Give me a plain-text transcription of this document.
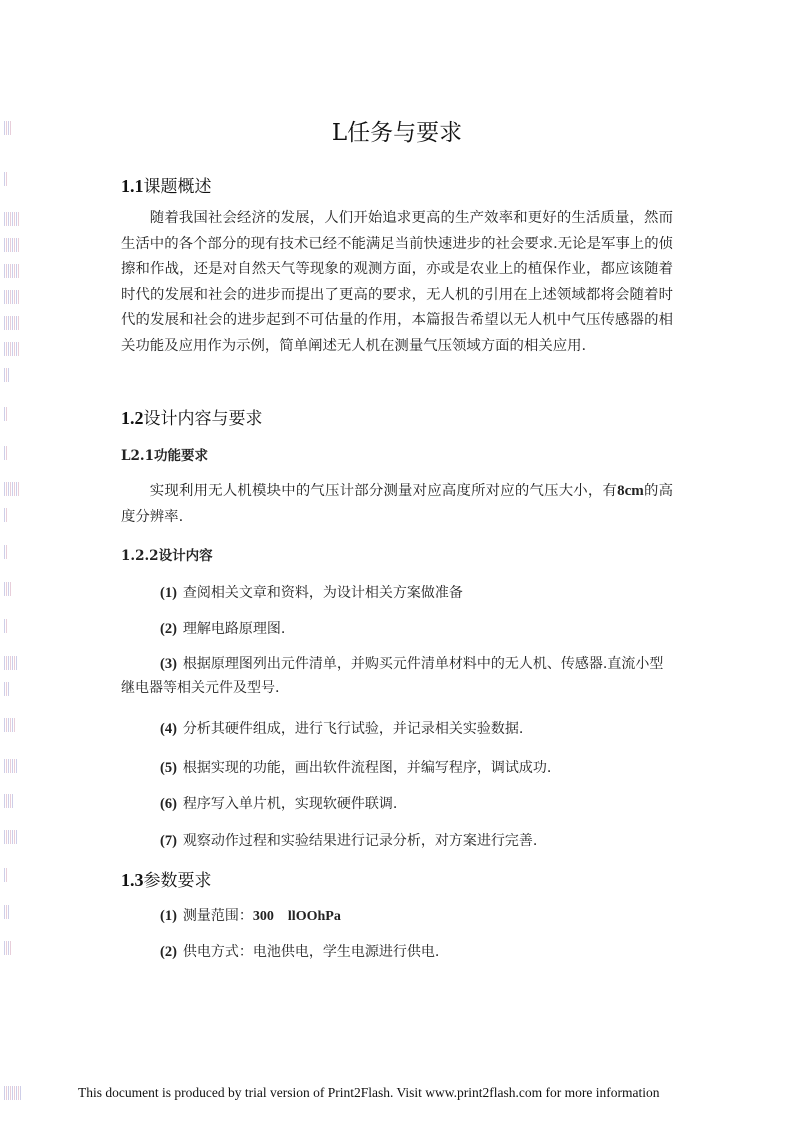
L任务与要求
1.1课题概述
随着我国社会经济的发展，人们开始追求更高的生产效率和更好的生活质量，然而生活中的各个部分的现有技术已经不能满足当前快速进步的社会要求.无论是军事上的侦擦和作战，还是对自然天气等现象的观测方面，亦或是农业上的植保作业，都应该随着时代的发展和社会的进步而提出了更高的要求，无人机的引用在上述领域都将会随着时代的发展和社会的进步起到不可估量的作用，本篇报告希望以无人机中气压传感器的相关功能及应用作为示例，简单阐述无人机在测量气压领域方面的相关应用.
1.2设计内容与要求
L2.1功能要求
实现利用无人机模块中的气压计部分测量对应高度所对应的气压大小，有8cm的高度分辨率.
1.2.2设计内容
(1) 查阅相关文章和资料，为设计相关方案做准备
(2) 理解电路原理图.
(3) 根据原理图列出元件清单，并购买元件清单材料中的无人机、传感器.直流小型继电器等相关元件及型号.
(4) 分析其硬件组成，进行飞行试验，并记录相关实验数据.
(5) 根据实现的功能，画出软件流程图，并编写程序，调试成功.
(6) 程序写入单片机，实现软硬件联调.
(7) 观察动作过程和实验结果进行记录分析，对方案进行完善.
1.3参数要求
(1) 测量范围：300    llOOhPa
(2) 供电方式：电池供电，学生电源进行供电.
This document is produced by trial version of Print2Flash. Visit www.print2flash.com for more information
